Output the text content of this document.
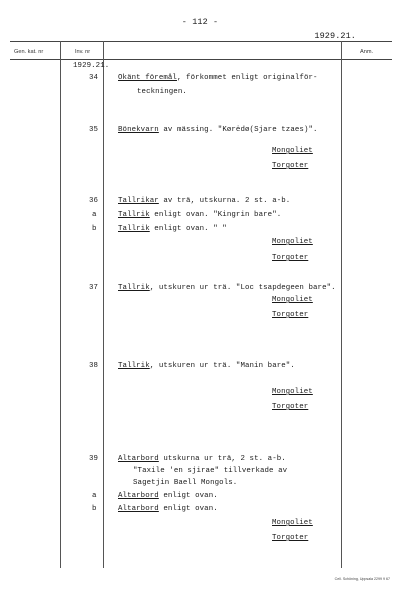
- 112 -
1929.21.
Gen. kat. nr	Inv. nr	Anm.
1929.21.
34	Okänt föremål, förkommet enligt originalför-
teckningen.
35	Bönekvarn av mässing. "Kørėdø(Sjare tzaes)".
Mongoliet
Torgoter
36	Tallrikar av trä, utskurna. 2 st. a-b.
a	Tallrik enligt ovan. "Kingrin bare".
b	Tallrik enligt ovan. " "
Mongoliet
Torgoter
37	Tallrik, utskuren ur trä. "Loc tsapdegeen bare".
Mongoliet
Torgoter
38	Tallrik, utskuren ur trä. "Manin bare".
Mongoliet
Torgoter
39	Altarbord utskurna ur trä, 2 st. a-b.
"Taxile 'en sjirae" tillverkade av
Sagetjin Baell Mongols.
a	Altarbord enligt ovan.
b	Altarbord enligt ovan.
Mongoliet
Torgoter
Cell. Schöning, Uppsala 2299 9 67
